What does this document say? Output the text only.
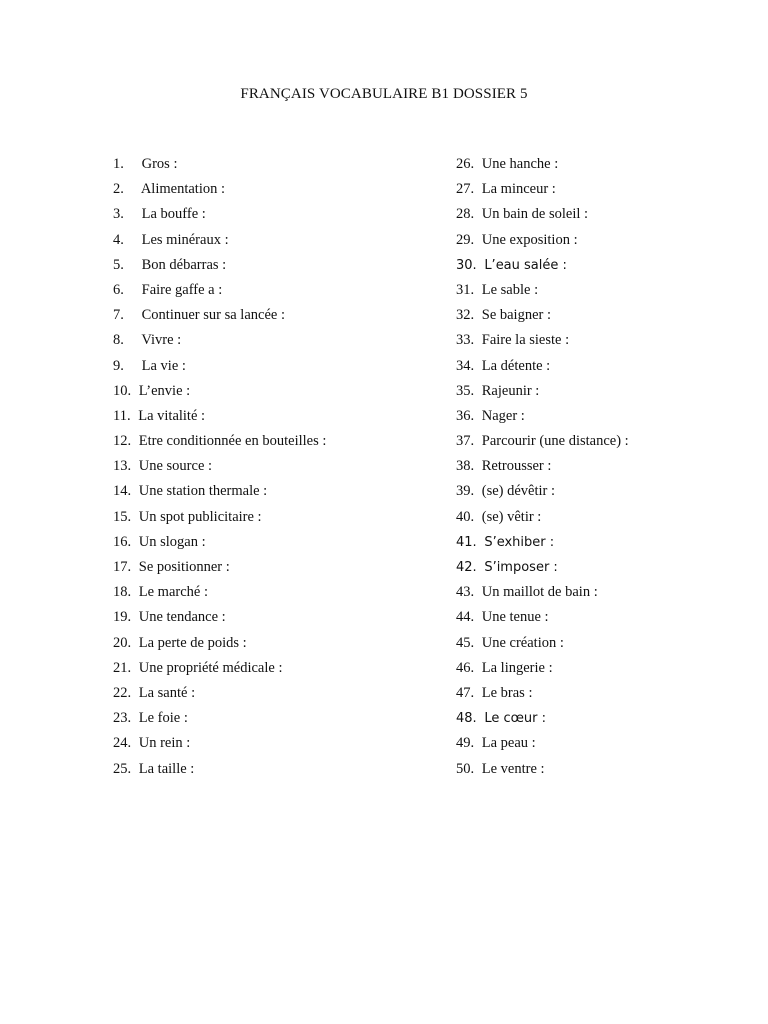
FRANÇAIS VOCABULAIRE B1 DOSSIER 5
1. Gros :
2. Alimentation :
3. La bouffe :
4. Les minéraux :
5. Bon débarras :
6. Faire gaffe a :
7. Continuer sur sa lancée :
8. Vivre :
9. La vie :
10. L’envie :
11. La vitalité :
12. Etre conditionnée en bouteilles :
13. Une source :
14. Une station thermale :
15. Un spot publicitaire :
16. Un slogan :
17. Se positionner :
18. Le marché :
19. Une tendance :
20. La perte de poids :
21. Une propriété médicale :
22. La santé :
23. Le foie :
24. Un rein :
25. La taille :
26. Une hanche :
27. La minceur :
28. Un bain de soleil :
29. Une exposition :
30. L’eau salée :
31. Le sable :
32. Se baigner :
33. Faire la sieste :
34. La détente :
35. Rajeunir :
36. Nager :
37. Parcourir (une distance) :
38. Retrousser :
39. (se) dévêtir :
40. (se) vêtir :
41. S’exhiber :
42. S’imposer :
43. Un maillot de bain :
44. Une tenue :
45. Une création :
46. La lingerie :
47. Le bras :
48. Le cœur :
49. La peau :
50. Le ventre :
